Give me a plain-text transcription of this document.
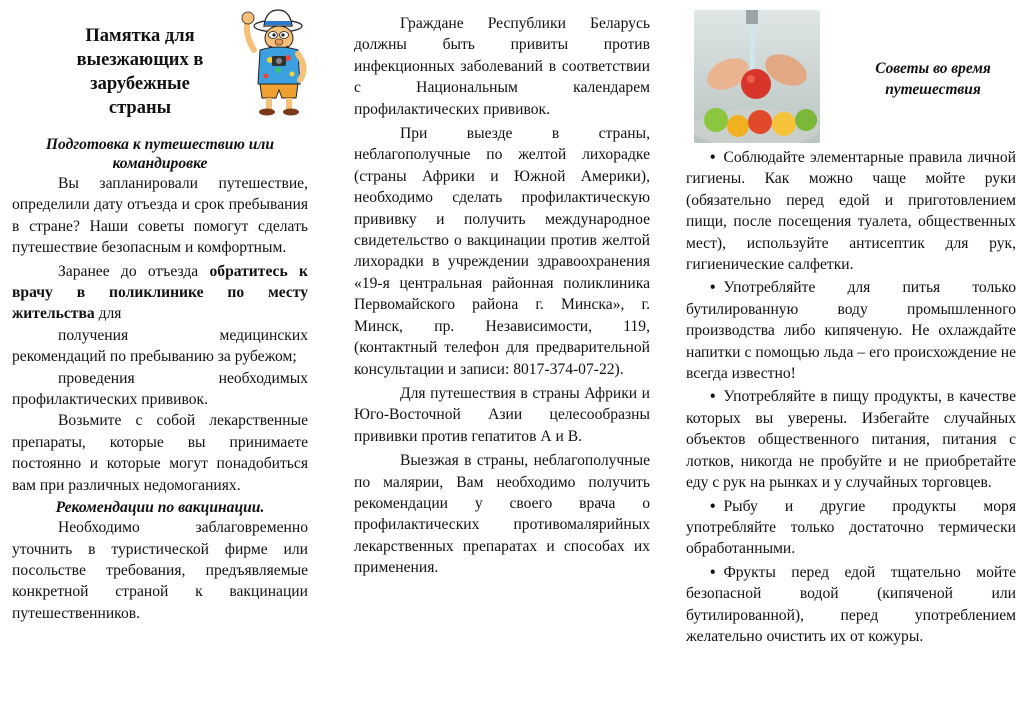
Памятка для выезжающих в зарубежные страны
Подготовка к путешествию или командировке

Вы запланировали путешествие, определили дату отъезда и срок пребывания в стране? Наши советы помогут сделать путешествие безопасным и комфортным.

Заранее до отъезда обратитесь к врачу в поликлинике по месту жительства для

получения медицинских рекомендаций по пребыванию за рубежом;

проведения необходимых профилактических прививок.

Возьмите с собой лекарственные препараты, которые вы принимаете постоянно и которые могут понадобиться вам при различных недомоганиях.

Рекомендации по вакцинации.

Необходимо заблаговременно уточнить в туристической фирме или посольстве требования, предъявляемые конкретной страной к вакцинации путешественников.

Граждане Республики Беларусь должны быть привиты против инфекционных заболеваний в соответствии с Национальным календарем профилактических прививок.

При выезде в страны, неблагополучные по желтой лихорадке (страны Африки и Южной Америки), необходимо сделать профилактическую прививку и получить международное свидетельство о вакцинации против желтой лихорадки в учреждении здравоохранения «19-я центральная районная поликлиника Первомайского района г. Минска», г. Минск, пр. Независимости, 119, (контактный телефон для предварительной консультации и записи: 8017-374-07-22).

Для путешествия в страны Африки и Юго-Восточной Азии целесообразны прививки против гепатитов А и В.

Выезжая в страны, неблагополучные по малярии, Вам необходимо получить рекомендации у своего врача о профилактических противомалярийных лекарственных препаратах и способах их применения.

Советы во время путешествия

• Соблюдайте элементарные правила личной гигиены. Как можно чаще мойте руки (обязательно перед едой и приготовлением пищи, после посещения туалета, общественных мест), используйте антисептик для рук, гигиенические салфетки.

• Употребляйте для питья только бутилированную воду промышленного производства либо кипяченую. Не охлаждайте напитки с помощью льда – его происхождение не всегда известно!

• Употребляйте в пищу продукты, в качестве которых вы уверены. Избегайте случайных объектов общественного питания, питания с лотков, никогда не пробуйте и не приобретайте еду с рук на рынках и у случайных торговцев.

• Рыбу и другие продукты моря употребляйте только достаточно термически обработанными.

• Фрукты перед едой тщательно мойте безопасной водой (кипяченой или бутилированной), перед употреблением желательно очистить их от кожуры.
